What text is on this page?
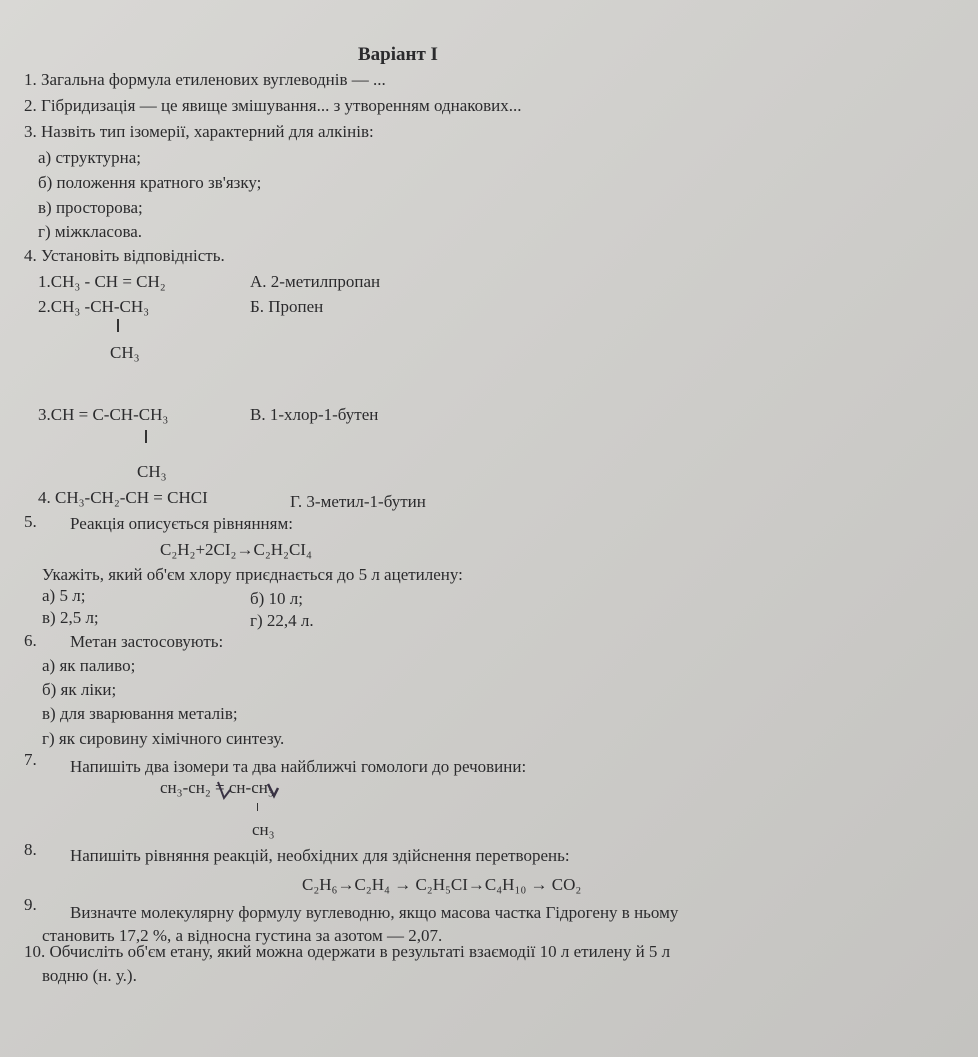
Варіант І
1. Загальна формула етиленових вуглеводнів — ...
2. Гібридизація — це явище змішування... з утворенням однакових...
3. Назвіть тип ізомерії, характерний для алкінів:
а) структурна;
б) положення кратного зв'язку;
в) просторова;
г) міжкласова.
4. Установіть відповідність.
1.CH₃ - CH = CH₂	А. 2-метилпропан
2.CH₃ -CH-CH₃	Б. Пропен
CH₃
3.CH = C-CH-CH₃	В. 1-хлор-1-бутен
CH₃
4. CH₃-CH₂-CH = CHCI	Г. 3-метил-1-бутин
5. Реакція описується рівнянням:
C₂H₂+2CI₂→C₂H₂CI₄
Укажіть, який об'єм хлору приєднається до 5 л ацетилену:
а) 5 л;	б) 10 л;
в) 2,5 л;	г) 22,4 л.
6. Метан застосовують:
а) як паливо;
б) як ліки;
в) для зварювання металів;
г) як сировину хімічного синтезу.
7. Напишіть два ізомери та два найближчі гомологи до речовини:
сн₃-сн₂ = сн-сн₃
сн₃
8. Напишіть рівняння реакцій, необхідних для здійснення перетворень:
C₂H₆→C₂H₄ → C₂H₅CI→C₄H₁₀ → CO₂
9. Визначте молекулярну формулу вуглеводню, якщо масова частка Гідрогену в ньому
становить 17,2 %, а відносна густина за азотом — 2,07.
10. Обчисліть об'єм етану, який можна одержати в результаті взаємодії 10 л етилену й 5 л
водню (н. у.).
